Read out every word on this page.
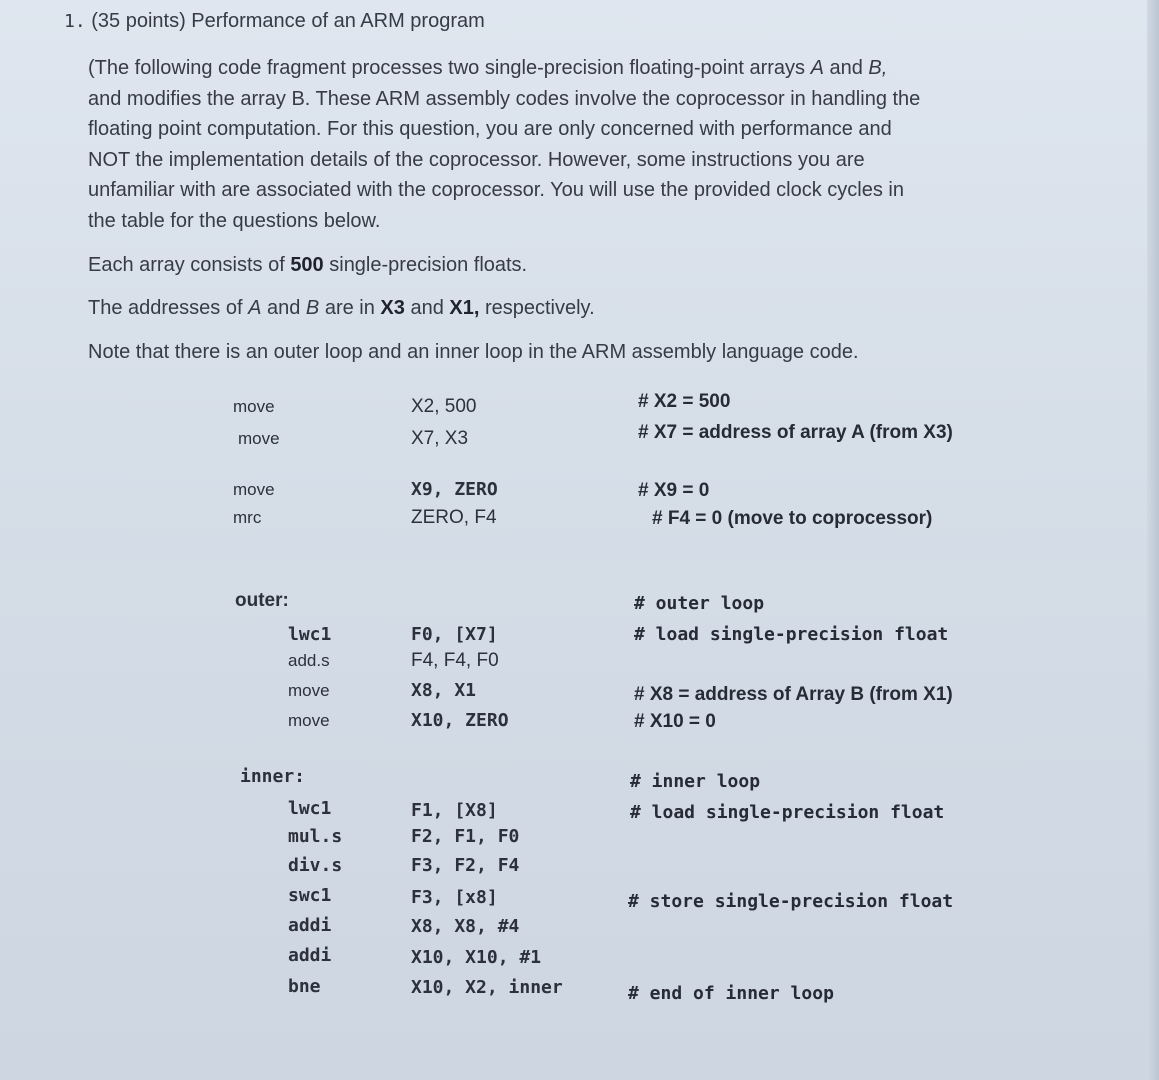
1. (35 points) Performance of an ARM program
(The following code fragment processes two single-precision floating-point arrays A and B,
and modifies the array B. These ARM assembly codes involve the coprocessor in handling the
floating point computation. For this question, you are only concerned with performance and
NOT the implementation details of the coprocessor. However, some instructions you are
unfamiliar with are associated with the coprocessor. You will use the provided clock cycles in
the table for the questions below.
Each array consists of 500 single-precision floats.
The addresses of A and B are in X3 and X1, respectively.
Note that there is an outer loop and an inner loop in the ARM assembly language code.
move	X2, 500	# X2 = 500
move	X7, X3	# X7 = address of array A (from X3)
move	X9, ZERO	# X9 = 0
mrc	ZERO, F4	# F4 = 0 (move to coprocessor)
outer:	# outer loop
lwc1	F0, [X7]	# load single-precision float
add.s	F4, F4, F0
move	X8, X1	# X8 = address of Array B (from X1)
move	X10, ZERO	# X10 = 0
inner:	# inner loop
lwc1	F1, [X8]	# load single-precision float
mul.s	F2, F1, F0
div.s	F3, F2, F4
swc1	F3, [x8]	# store single-precision float
addi	X8, X8, #4
addi	X10, X10, #1
bne	X10, X2, inner	# end of inner loop
